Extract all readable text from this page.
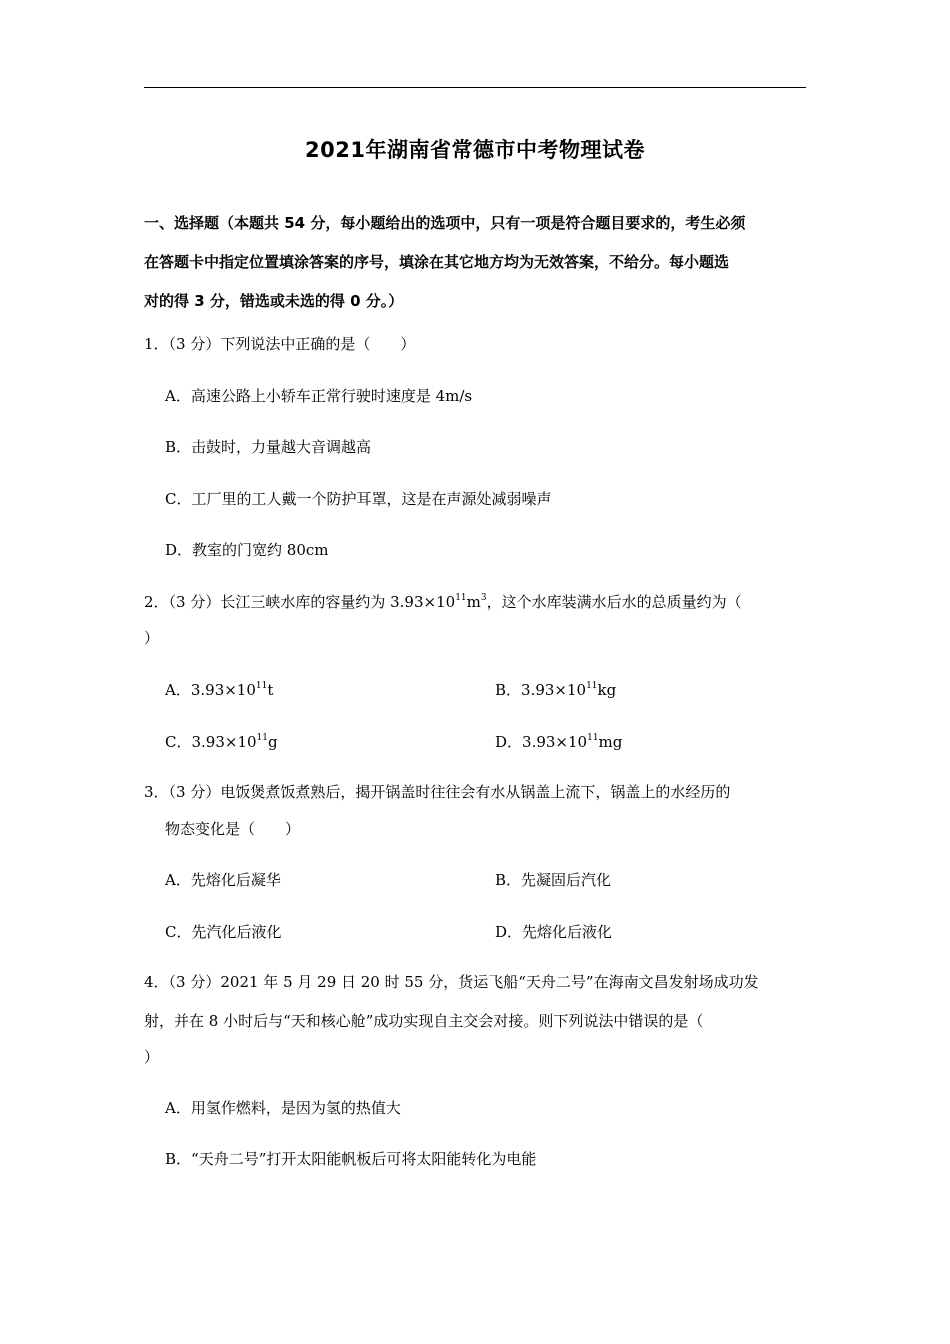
2021年湖南省常德市中考物理试卷
一、选择题（本题共 54 分，每小题给出的选项中，只有一项是符合题目要求的，考生必须
在答题卡中指定位置填涂答案的序号，填涂在其它地方均为无效答案，不给分。每小题选
对的得 3 分，错选或未选的得 0 分。）
1．（3 分）下列说法中正确的是（　　）
A．高速公路上小轿车正常行驶时速度是 4m/s
B．击鼓时，力量越大音调越高
C．工厂里的工人戴一个防护耳罩，这是在声源处减弱噪声
D．教室的门宽约 80cm
2．（3 分）长江三峡水库的容量约为 $3.93\times 10^{11}m^3$，这个水库装满水后水的总质量约为（
）
A．$3.93\times 10^{11}t$	B．$3.93\times 10^{11}kg$
C．$3.93\times 10^{11}g$	D．$3.93\times 10^{11}mg$
3．（3 分）电饭煲煮饭煮熟后，揭开锅盖时往往会有水从锅盖上流下，锅盖上的水经历的
物态变化是（　　）
A．先熔化后凝华	B．先凝固后汽化
C．先汽化后液化	D．先熔化后液化
4．（3 分）2021 年 5 月 29 日 20 时 55 分，货运飞船“天舟二号”在海南文昌发射场成功发
射，并在 8 小时后与“天和核心舱”成功实现自主交会对接。则下列说法中错误的是（
）
A．用氢作燃料，是因为氢的热值大
B．“天舟二号”打开太阳能帆板后可将太阳能转化为电能
